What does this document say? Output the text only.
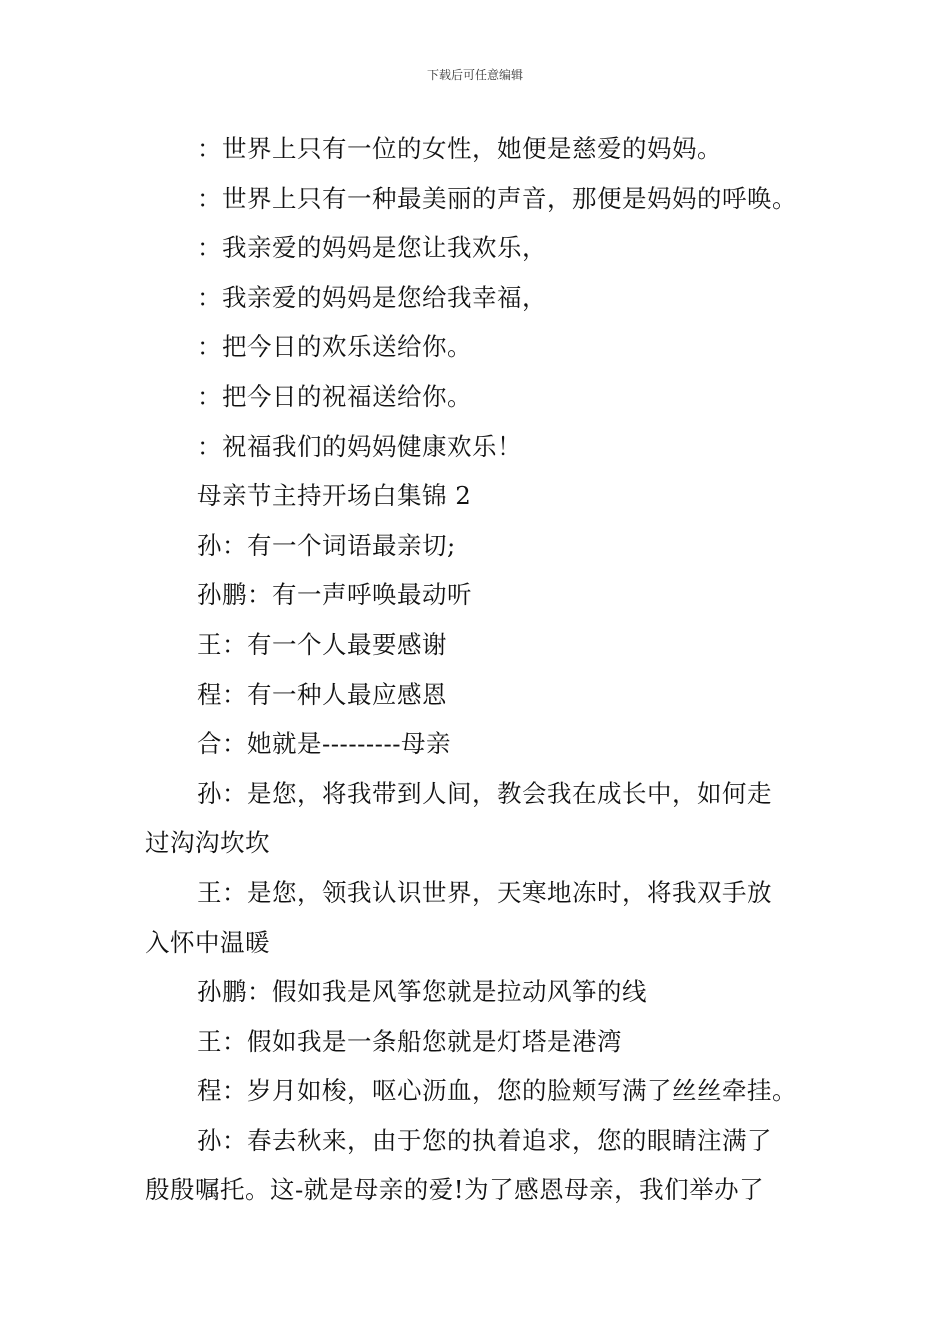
下载后可任意编辑
：世界上只有一位的女性，她便是慈爱的妈妈。
：世界上只有一种最美丽的声音，那便是妈妈的呼唤。
：我亲爱的妈妈是您让我欢乐，
：我亲爱的妈妈是您给我幸福，
：把今日的欢乐送给你。
：把今日的祝福送给你。
：祝福我们的妈妈健康欢乐！
母亲节主持开场白集锦 2
孙：有一个词语最亲切;
孙鹏：有一声呼唤最动听
王：有一个人最要感谢
程：有一种人最应感恩
合：她就是---------母亲
孙：是您，将我带到人间，教会我在成长中，如何走
过沟沟坎坎
王：是您，领我认识世界，天寒地冻时，将我双手放
入怀中温暖
孙鹏：假如我是风筝您就是拉动风筝的线
王：假如我是一条船您就是灯塔是港湾
程：岁月如梭，呕心沥血，您的脸颊写满了丝丝牵挂。
孙：春去秋来，由于您的执着追求，您的眼睛注满了
殷殷嘱托。这-就是母亲的爱!为了感恩母亲，我们举办了
